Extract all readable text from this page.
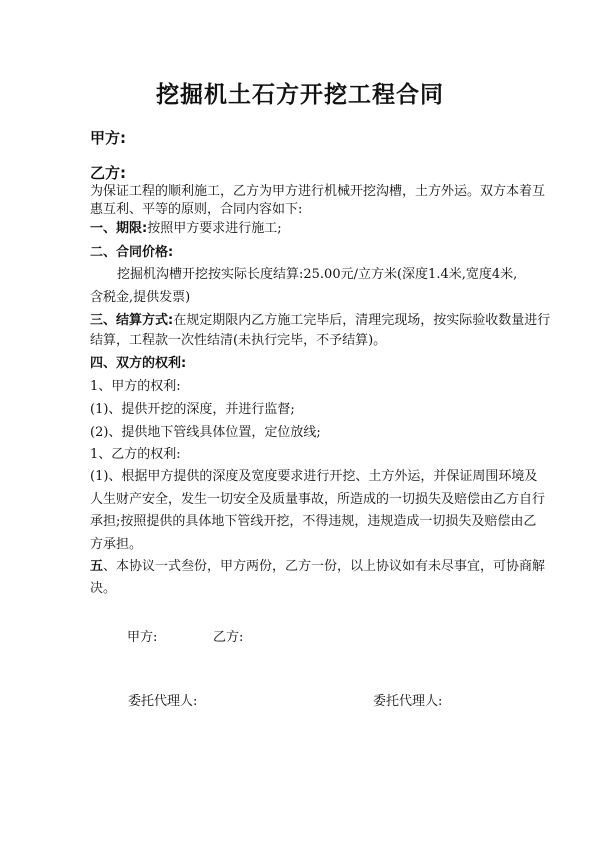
挖掘机土石方开挖工程合同
甲方:
乙方:
为保证工程的顺利施工，乙方为甲方进行机械开挖沟槽，土方外运。双方本着互
惠互利、平等的原则，合同内容如下:
一、期限:按照甲方要求进行施工;
二、合同价格:
挖掘机沟槽开挖按实际长度结算:25.00元/立方米(深度1.4米,宽度4米,
含税金,提供发票)
三、结算方式:在规定期限内乙方施工完毕后，清理完现场，按实际验收数量进行
结算，工程款一次性结清(未执行完毕，不予结算)。
四、双方的权利:
1、甲方的权利:
(1)、提供开挖的深度，并进行监督;
(2)、提供地下管线具体位置，定位放线;
1、乙方的权利:
(1)、根据甲方提供的深度及宽度要求进行开挖、土方外运，并保证周围环境及
人生财产安全，发生一切安全及质量事故，所造成的一切损失及赔偿由乙方自行
承担;按照提供的具体地下管线开挖，不得违规，违规造成一切损失及赔偿由乙
方承担。
五、本协议一式叁份，甲方两份，乙方一份，以上协议如有未尽事宜，可协商解
决。
甲方:	乙方:
委托代理人:	委托代理人:
